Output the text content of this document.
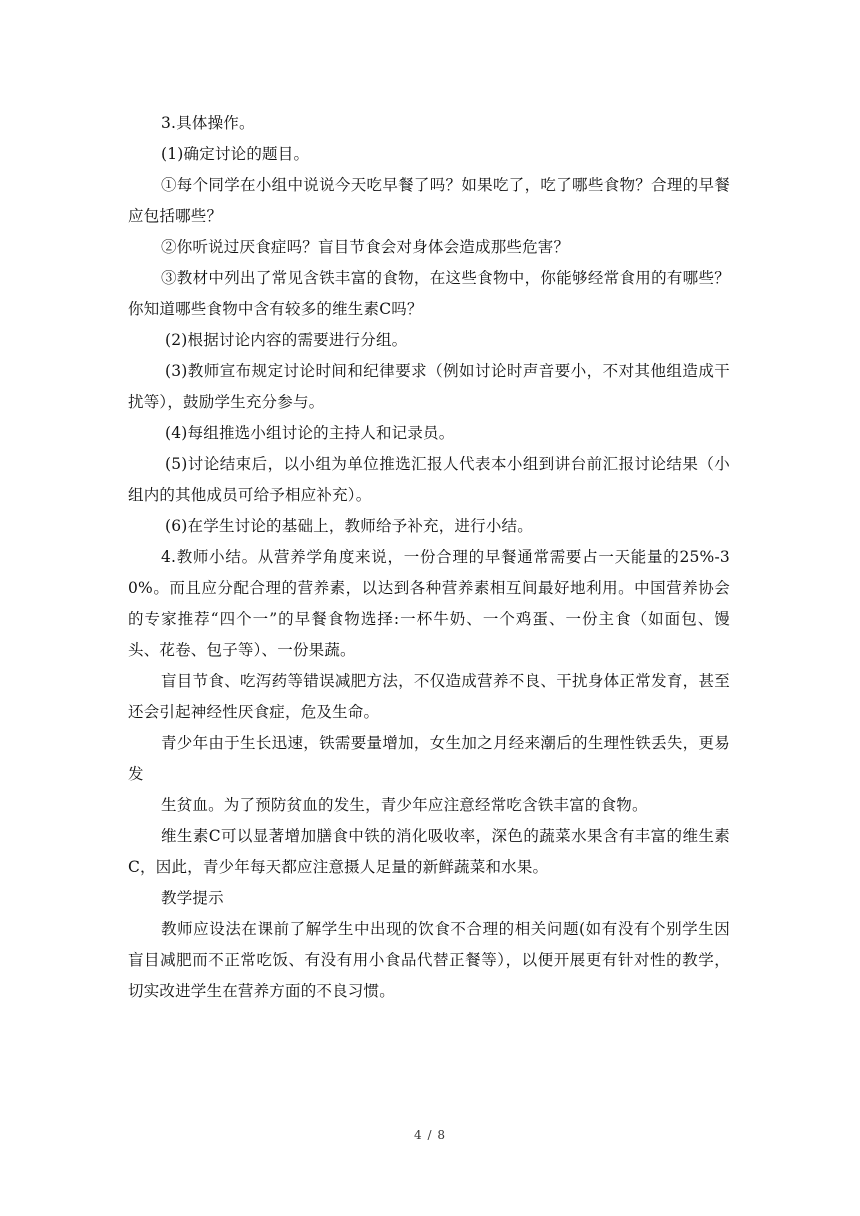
3.具体操作。

(1)确定讨论的题目。

①每个同学在小组中说说今天吃早餐了吗？如果吃了，吃了哪些食物？合理的早餐应包括哪些？

②你听说过厌食症吗？盲目节食会对身体会造成那些危害？

③教材中列出了常见含铁丰富的食物，在这些食物中，你能够经常食用的有哪些？你知道哪些食物中含有较多的维生素C吗？

(2)根据讨论内容的需要进行分组。

(3)教师宣布规定讨论时间和纪律要求（例如讨论时声音要小，不对其他组造成干扰等），鼓励学生充分参与。

(4)每组推选小组讨论的主持人和记录员。

(5)讨论结束后，以小组为单位推选汇报人代表本小组到讲台前汇报讨论结果（小组内的其他成员可给予相应补充）。

(6)在学生讨论的基础上，教师给予补充，进行小结。

4.教师小结。从营养学角度来说，一份合理的早餐通常需要占一天能量的25%-30%。而且应分配合理的营养素，以达到各种营养素相互间最好地利用。中国营养协会的专家推荐“四个一”的早餐食物选择:一杯牛奶、一个鸡蛋、一份主食（如面包、馒头、花卷、包子等）、一份果蔬。

盲目节食、吃泻药等错误减肥方法，不仅造成营养不良、干扰身体正常发育，甚至还会引起神经性厌食症，危及生命。

青少年由于生长迅速，铁需要量增加，女生加之月经来潮后的生理性铁丢失，更易发

生贫血。为了预防贫血的发生，青少年应注意经常吃含铁丰富的食物。

维生素C可以显著增加膳食中铁的消化吸收率，深色的蔬菜水果含有丰富的维生素C，因此，青少年每天都应注意摄人足量的新鲜蔬菜和水果。

教学提示

教师应设法在课前了解学生中出现的饮食不合理的相关问题(如有没有个别学生因盲目减肥而不正常吃饭、有没有用小食品代替正餐等），以便开展更有针对性的教学，切实改进学生在营养方面的不良习惯。

4 / 8
